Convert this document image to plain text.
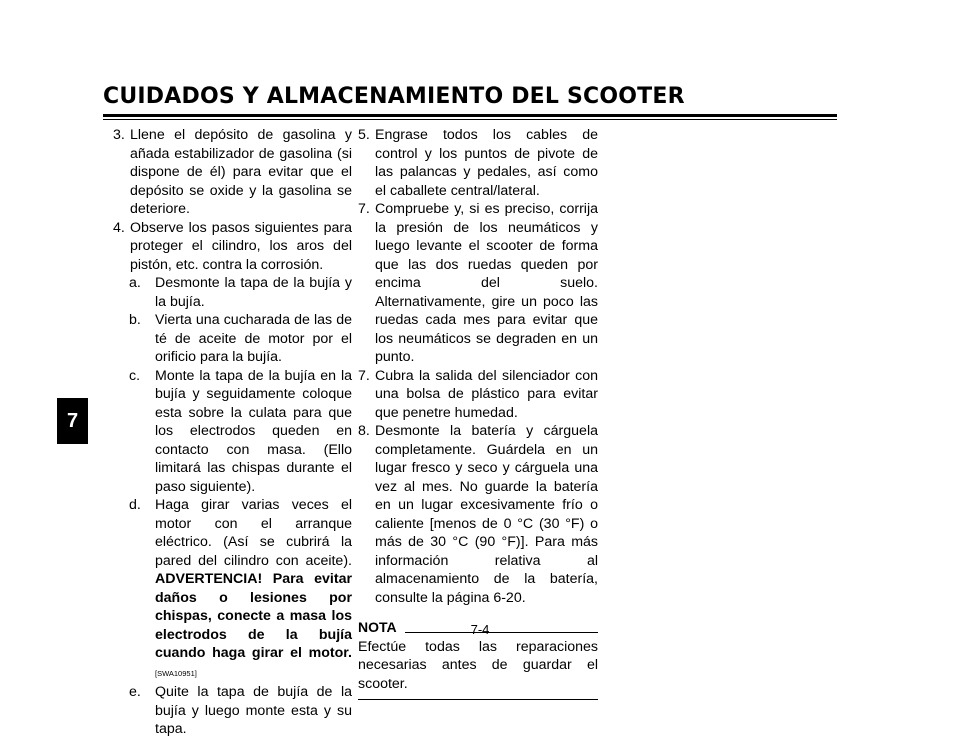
CUIDADOS Y ALMACENAMIENTO DEL SCOOTER
7
3. Llene el depósito de gasolina y añada estabilizador de gasolina (si dispone de él) para evitar que el depósito se oxide y la gasolina se deteriore.
4. Observe los pasos siguientes para proteger el cilindro, los aros del pistón, etc. contra la corrosión.
a. Desmonte la tapa de la bujía y la bujía.
b. Vierta una cucharada de las de té de aceite de motor por el orificio para la bujía.
c.	Monte la tapa de la bujía en la bujía y seguidamente coloque esta sobre la culata para que los electrodos queden en contacto con masa. (Ello limitará las chispas durante el paso siguiente).
d. Haga girar varias veces el motor con el arranque eléctrico. (Así se cubrirá la pared del cilindro con aceite). ADVERTENCIA! Para evitar daños o lesiones por chispas, conecte a masa los electrodos de la bujía cuando haga girar el motor. [SWA10951]
e. Quite la tapa de bujía de la bujía y luego monte esta y su tapa.
5. Engrase todos los cables de control y los puntos de pivote de las palancas y pedales, así como el caballete central/lateral.
7. Compruebe y, si es preciso, corrija la presión de los neumáticos y luego levante el scooter de forma que las dos ruedas queden por encima del suelo. Alternativamente, gire un poco las ruedas cada mes para evitar que los neumáticos se degraden en un punto.
7. Cubra la salida del silenciador con una bolsa de plástico para evitar que penetre humedad.
8. Desmonte la batería y cárguela completamente. Guárdela en un lugar fresco y seco y cárguela una vez al mes. No guarde la batería en un lugar excesivamente frío o caliente [menos de 0 °C (30 °F) o más de 30 °C (90 °F)]. Para más información relativa al almacenamiento de la batería, consulte la página 6-20.
NOTA
Efectúe todas las reparaciones necesarias antes de guardar el scooter.
7-4
